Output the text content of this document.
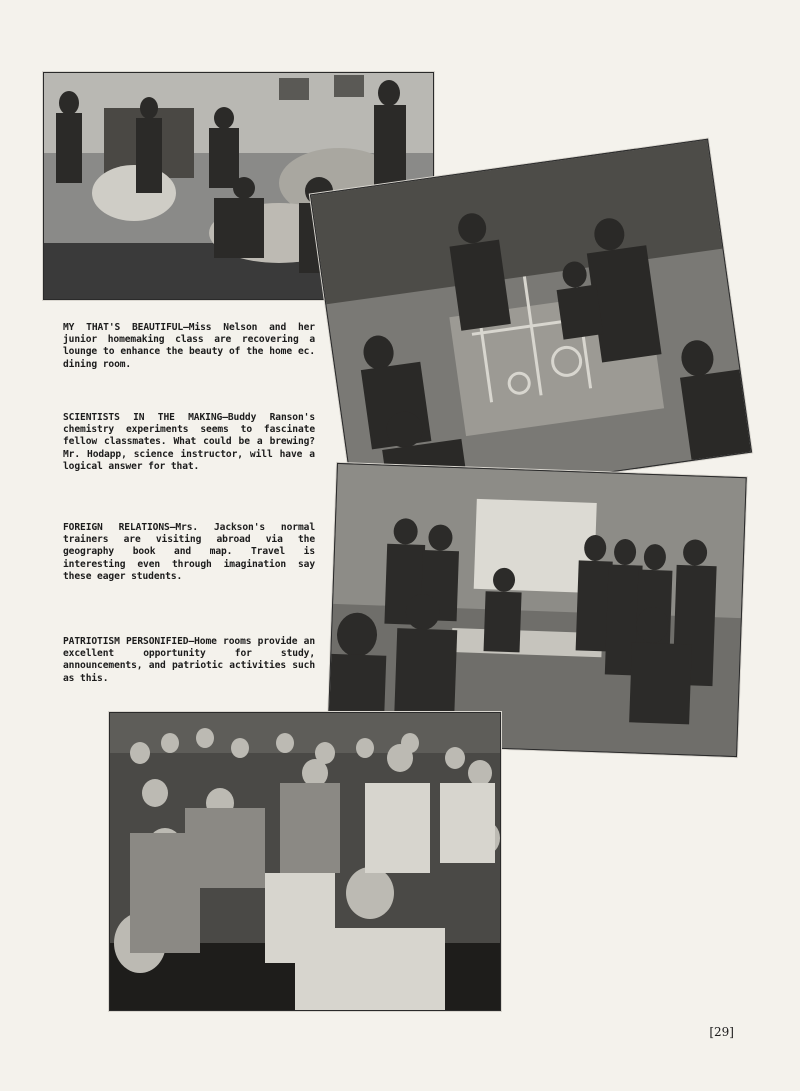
MY THAT'S BEAUTIFUL—Miss Nelson and her junior homemaking class are recovering a lounge to enhance the beauty of the home ec. dining room.
SCIENTISTS IN THE MAKING—Buddy Ranson's chemistry experiments seems to fascinate fellow classmates. What could be a brewing? Mr. Hodapp, science instructor, will have a logical answer for that.
FOREIGN RELATIONS—Mrs. Jackson's normal trainers are visiting abroad via the geography book and map. Travel is interesting even through imagination say these eager students.
PATRIOTISM PERSONIFIED—Home rooms provide an excellent opportunity for study, announcements, and patriotic activities such as this.
[29]
